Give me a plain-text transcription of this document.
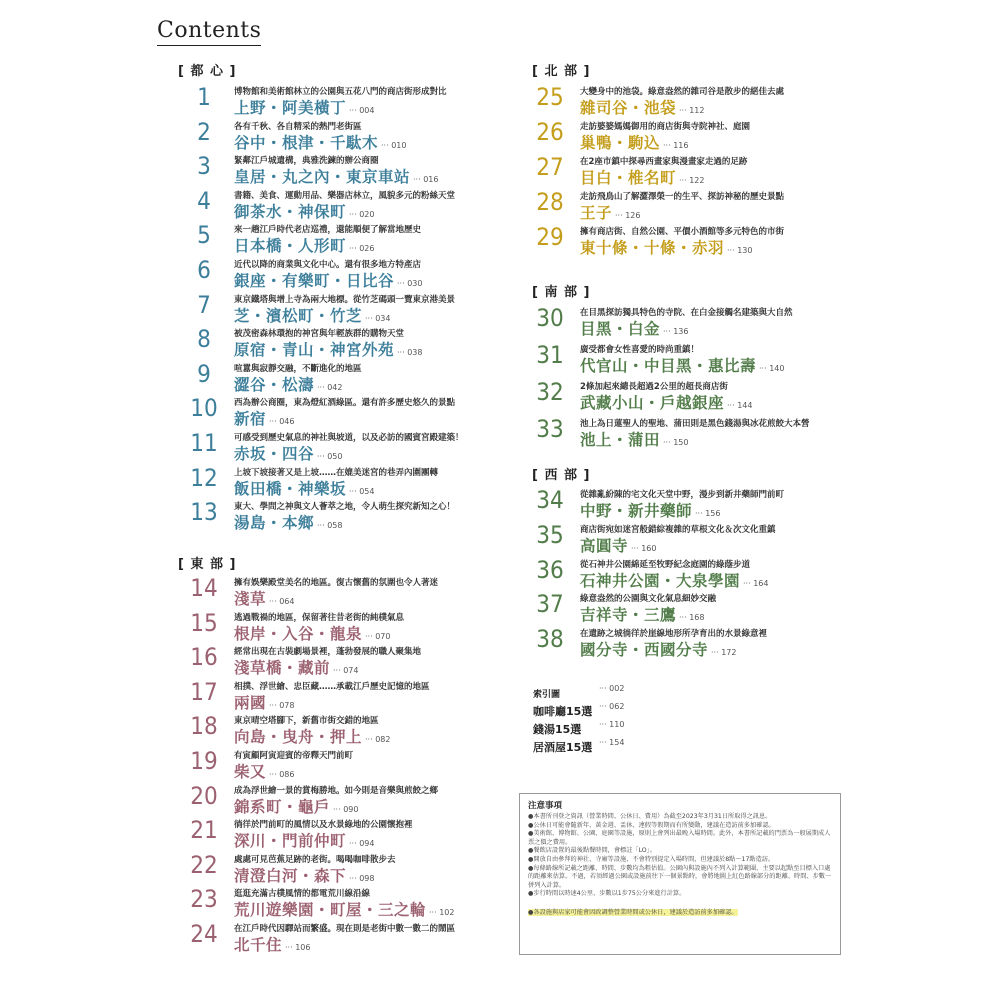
Contents
[ 都 心 ]
[ 東 部 ]
[ 北 部 ]
[ 南 部 ]
[ 西 部 ]
1	博物館和美術館林立的公園與五花八門的商店街形成對比
上野・阿美橫丁 ··· 004
2	各有千秋、各自精采的熱門老街區
谷中・根津・千駄木 ··· 010
3	緊鄰江戶城遺構，典雅洗鍊的辦公商圈
皇居・丸之內・東京車站 ··· 016
4	書籍、美食、運動用品、樂器店林立，風貌多元的粉絲天堂
御茶水・神保町 ··· 020
5	來一趟江戶時代老店巡禮，還能順便了解當地歷史
日本橋・人形町 ··· 026
6	近代以降的商業與文化中心。還有很多地方特產店
銀座・有樂町・日比谷 ··· 030
7	東京鐵塔與增上寺為兩大地標。從竹芝碼頭一覽東京港美景
芝・濱松町・竹芝 ··· 034
8	被茂密森林環抱的神宮與年輕族群的購物天堂
原宿・青山・神宮外苑 ··· 038
9	喧囂與寂靜交融，不斷進化的地區
澀谷・松濤 ··· 042
10	西為辦公商圈，東為燈紅酒綠區。還有許多歷史悠久的景點
新宿 ··· 046
11	可感受到歷史氣息的神社與坡道，以及必訪的國賓宮殿建築！
赤坂・四谷 ··· 050
12	上坡下坡接著又是上坡……在媲美迷宮的巷弄內圍團轉
飯田橋・神樂坂 ··· 054
13	東大、學問之神與文人薈萃之地，令人萌生探究新知之心！
湯島・本鄉 ··· 058
14	擁有娛樂殿堂美名的地區。復古懷舊的氛圍也令人著迷
淺草 ··· 064
15	逃過戰禍的地區，保留著往昔老街的純樸氣息
根岸・入谷・龍泉 ··· 070
16	經常出現在古裝劇場景裡，蓬勃發展的職人聚集地
淺草橋・藏前 ··· 074
17	相撲、浮世繪、忠臣藏……承載江戶歷史記憶的地區
兩國 ··· 078
18	東京晴空塔腳下，新舊市街交錯的地區
向島・曳舟・押上 ··· 082
19	有寅顧阿寅迎賓的帝釋天門前町
柴又 ··· 086
20	成為浮世繪一景的賞梅勝地。如今則是音樂與煎餃之鄉
錦系町・龜戶 ··· 090
21	徜徉於門前町的風情以及水景綠地的公園懷抱裡
深川・門前仲町 ··· 094
22	處處可見芭蕉足跡的老街。喝喝咖啡散步去
清澄白河・森下 ··· 098
23	逛逛充滿古樸風情的都電荒川線沿線
荒川遊樂園・町屋・三之輪 ··· 102
24	在江戶時代因驛站而繁盛。現在則是老街中數一數二的鬧區
北千住 ··· 106
25	大變身中的池袋。綠意盎然的雜司谷是散步的絕佳去處
雜司谷・池袋 ··· 112
26	走訪婆婆媽媽御用的商店街與寺院神社、庭園
巢鴨・駒込 ··· 116
27	在2座市鎮中探尋西畫家與漫畫家走過的足跡
目白・椎名町 ··· 122
28	走訪飛鳥山了解澀澤榮一的生平、探訪神秘的歷史景點
王子 ··· 126
29	擁有商店街、自然公園、平價小酒館等多元特色的市街
東十條・十條・赤羽 ··· 130
30	在目黑探訪獨具特色的寺院、在白金接觸名建築與大自然
目黑・白金 ··· 136
31	廣受都會女性喜愛的時尚重鎮！
代官山・中目黑・惠比壽 ··· 140
32	2條加起來總長超過2公里的超長商店街
武藏小山・戶越銀座 ··· 144
33	池上為日蓮聖人的聖地、蒲田則是黑色錢湯與冰花煎餃大本營
池上・蒲田 ··· 150
34	從雜亂紛陳的宅文化天堂中野，漫步到新井藥師門前町
中野・新井藥師 ··· 156
35	商店街宛如迷宮般錯綜複雜的草根文化＆次文化重鎮
高圓寺 ··· 160
36	從石神井公園綿延至牧野紀念庭園的綠蔭步道
石神井公園・大泉學園 ··· 164
37	綠意盎然的公園與文化氣息細妙交融
吉祥寺・三鷹 ··· 168
38	在遺跡之城徜徉於崖線地形所孕育出的水景綠意裡
國分寺・西國分寺 ··· 172
索引圖
··· 002
咖啡廳15選 ··· 062
錢湯15選 ··· 110
居酒屋15選 ··· 154
注意事項
●本書所刊登之資訊（營業時間、公休日、費用）為截至2023年3月31日所取得之訊息。
●公休日可能會隨新年、黃金週、盂休、連假等假期而有所變動，建議在造訪前多加確認。
●美術館、博物館、公園、庭園等設施，原則上會列出最晚入場時間。此外，本書所記載的門票為一般展期成人票之價之費用。
●餐飲店設置的最後點餐時間，會標註「LO」。
●開放自由參拜的神社、寺廟等設施，不會特別提定入場時間，但建議於8點～17點造訪。
●每條路線所記載之距離、時間、步數均為粗估值。公園內與設施內不列入計算範圍，主要以起點至目標入口處的距離來估算。不過，若須經過公園或設施前往下一個景點時，會將地圖上紅色路線部分的距離、時間、步數一併列入計算。
●步行時間以時速4公里、步數以1步75公分來進行計算。
●各設施與店家可能會因政調整營業時間或公休日，建議於造訪前多加確認。
